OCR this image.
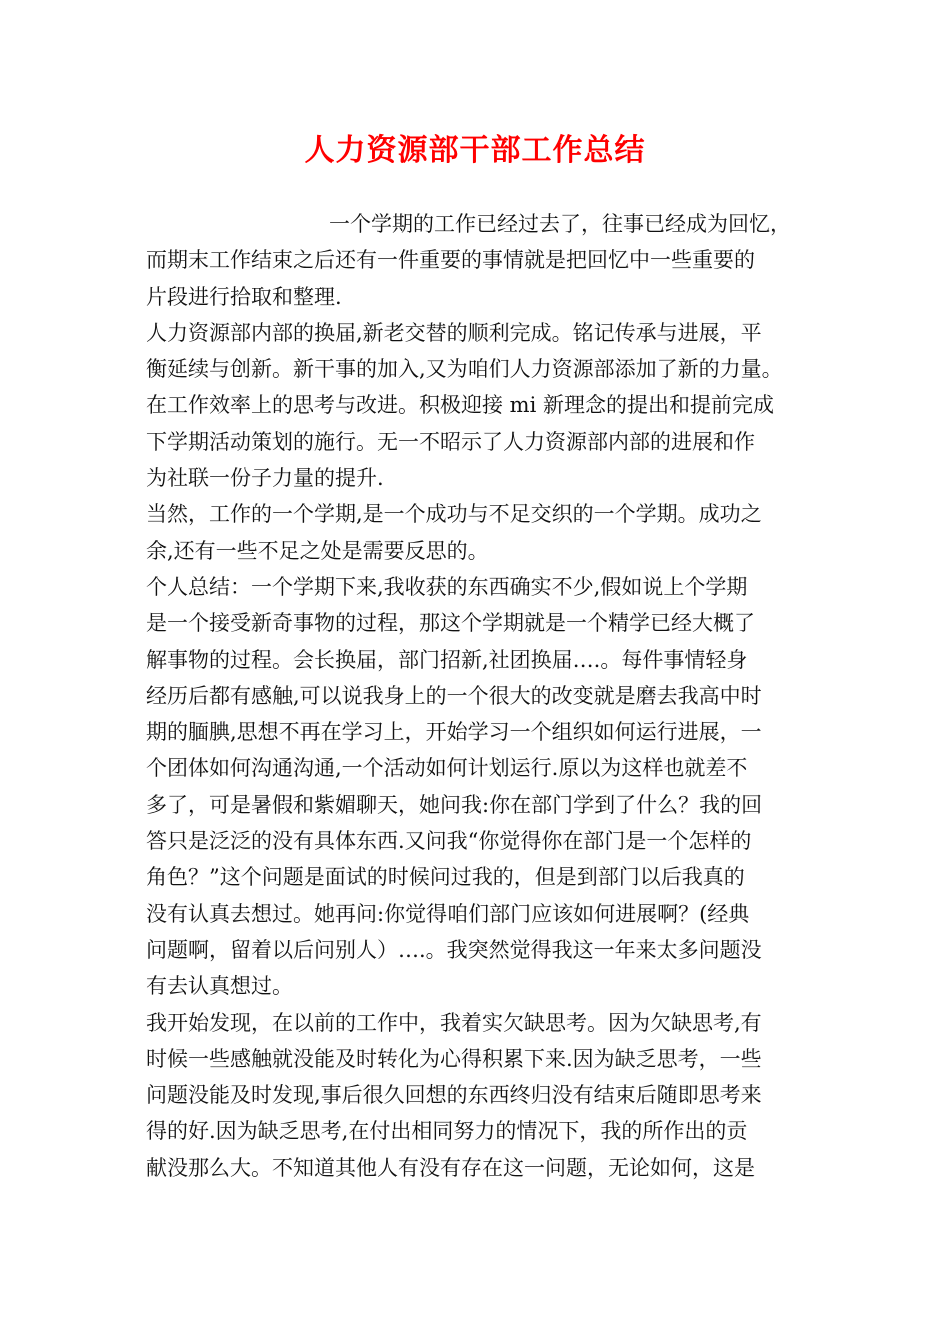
人力资源部干部工作总结
一个学期的工作已经过去了，往事已经成为回忆，
而期末工作结束之后还有一件重要的事情就是把回忆中一些重要的
片段进行拾取和整理.
人力资源部内部的换届,新老交替的顺利完成。铭记传承与进展，平
衡延续与创新。新干事的加入,又为咱们人力资源部添加了新的力量。
在工作效率上的思考与改进。积极迎接 mi 新理念的提出和提前完成
下学期活动策划的施行。无一不昭示了人力资源部内部的进展和作
为社联一份子力量的提升.
当然，工作的一个学期,是一个成功与不足交织的一个学期。成功之
余,还有一些不足之处是需要反思的。
个人总结：一个学期下来,我收获的东西确实不少,假如说上个学期
是一个接受新奇事物的过程，那这个学期就是一个精学已经大概了
解事物的过程。会长换届，部门招新,社团换届….。每件事情轻身
经历后都有感触,可以说我身上的一个很大的改变就是磨去我高中时
期的腼腆,思想不再在学习上，开始学习一个组织如何运行进展，一
个团体如何沟通沟通,一个活动如何计划运行.原以为这样也就差不
多了，可是暑假和紫媚聊天，她问我:你在部门学到了什么？我的回
答只是泛泛的没有具体东西.又问我“你觉得你在部门是一个怎样的
角色？”这个问题是面试的时候问过我的，但是到部门以后我真的
没有认真去想过。她再问:你觉得咱们部门应该如何进展啊？(经典
问题啊，留着以后问别人）….。我突然觉得我这一年来太多问题没
有去认真想过。
我开始发现，在以前的工作中，我着实欠缺思考。因为欠缺思考,有
时候一些感触就没能及时转化为心得积累下来.因为缺乏思考，一些
问题没能及时发现,事后很久回想的东西终归没有结束后随即思考来
得的好.因为缺乏思考,在付出相同努力的情况下，我的所作出的贡
献没那么大。不知道其他人有没有存在这一问题，无论如何，这是
